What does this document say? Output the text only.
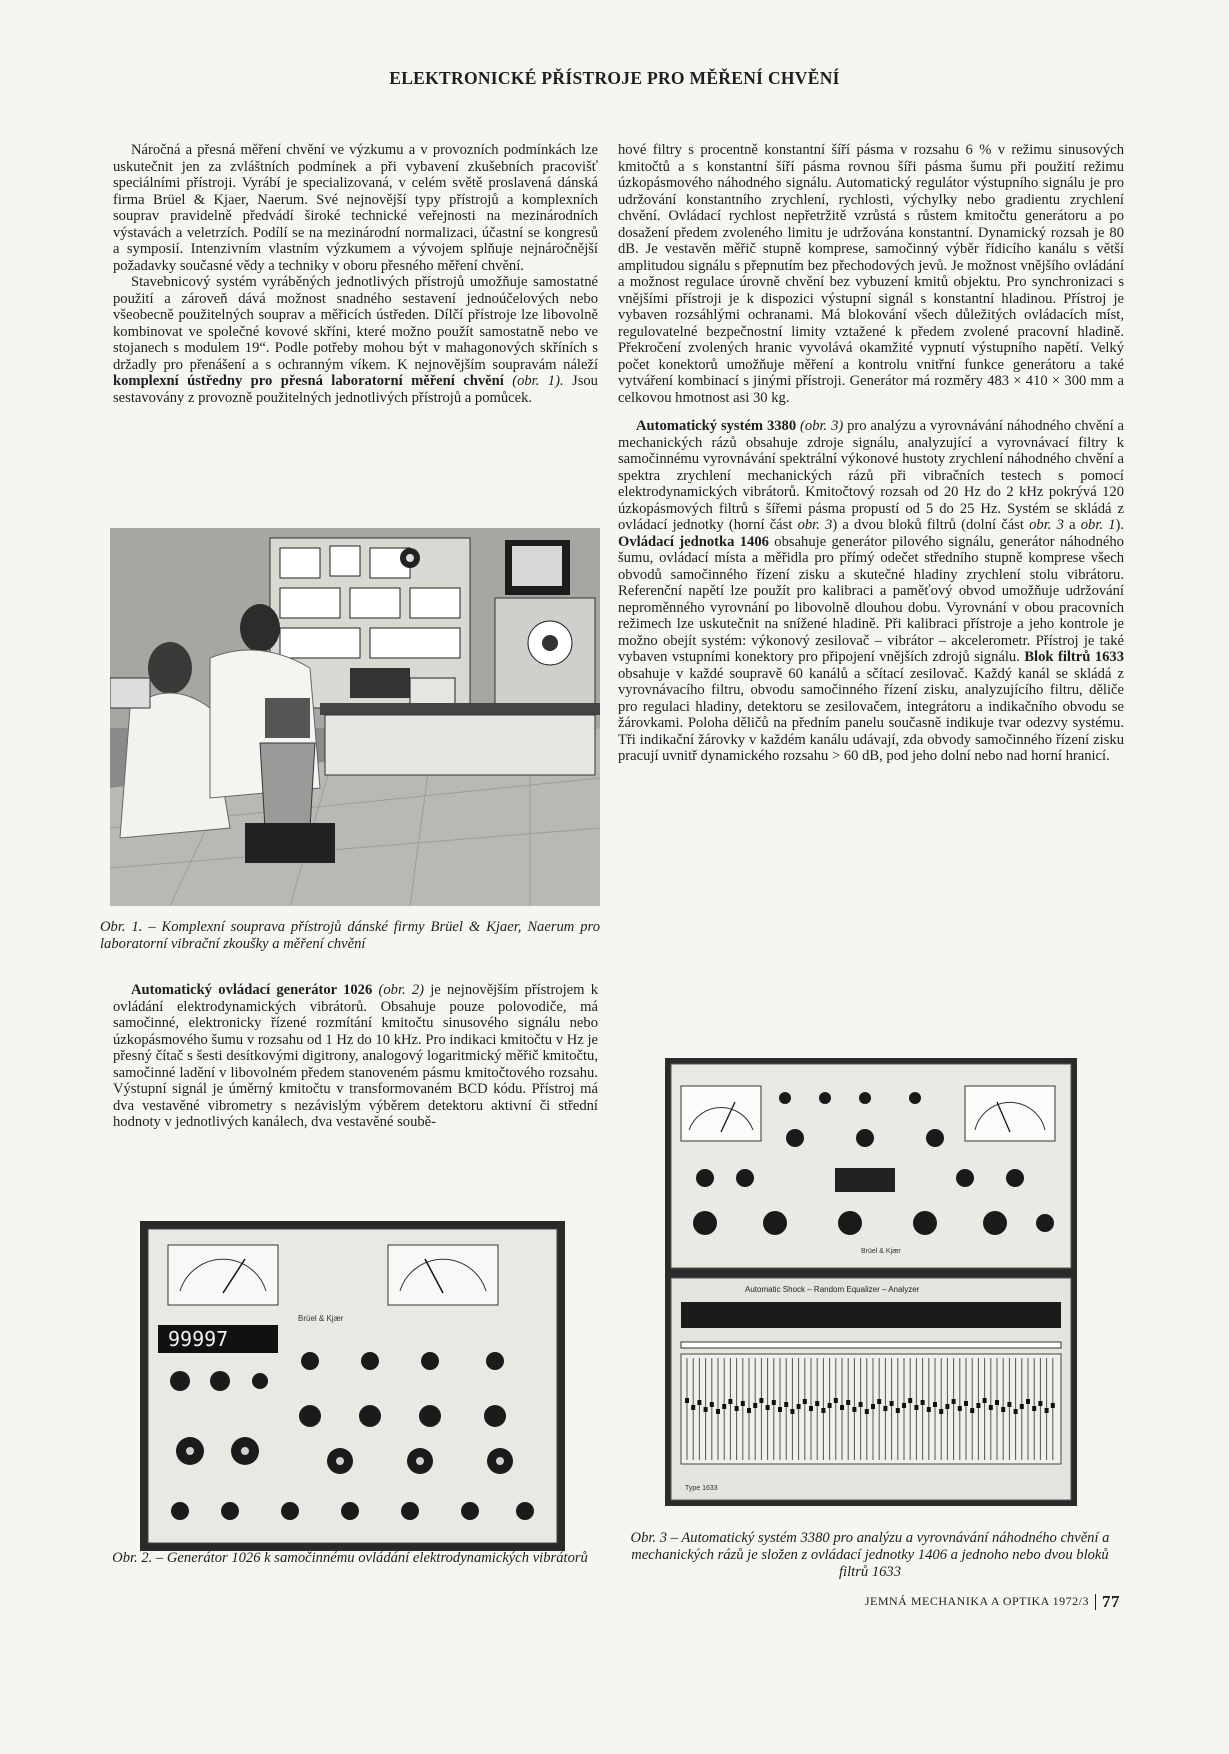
ELEKTRONICKÉ PŘÍSTROJE PRO MĚŘENÍ CHVĚNÍ

Náročná a přesná měření chvění ve výzkumu a v provozních podmínkách lze uskutečnit jen za zvláštních podmínek a při vybavení zkušebních pracovišť speciálními přístroji. Vyrábí je specializovaná, v celém světě proslavená dánská firma Brüel & Kjaer, Naerum. Své nejnovější typy přístrojů a komplexních souprav pravidelně předvádí široké technické veřejnosti na mezinárodních výstavách a veletrzích. Podílí se na mezinárodní normalizaci, účastní se kongresů a symposií. Intenzivním vlastním výzkumem a vývojem splňuje nejnáročnější požadavky současné vědy a techniky v oboru přesného měření chvění.

Stavebnicový systém vyráběných jednotlivých přístrojů umožňuje samostatné použití a zároveň dává možnost snadného sestavení jednoúčelových nebo všeobecně použitelných souprav a měřicích ústředen. Dílčí přístroje lze libovolně kombinovat ve společné kovové skříni, které možno použít samostatně nebo ve stojanech s modulem 19“. Podle potřeby mohou být v mahagonových skříních s držadly pro přenášení a s ochranným víkem. K nejnovějším soupravám náleží komplexní ústředny pro přesná laboratorní měření chvění (obr. 1). Jsou sestavovány z provozně použitelných jednotlivých přístrojů a pomůcek.

Obr. 1. – Komplexní souprava přístrojů dánské firmy Brüel & Kjaer, Naerum pro laboratorní vibrační zkoušky a měření chvění

Automatický ovládací generátor 1026 (obr. 2) je nejnovějším přístrojem k ovládání elektrodynamických vibrátorů. Obsahuje pouze polovodiče, má samočinné, elektronicky řízené rozmítání kmitočtu sinusového signálu nebo úzkopásmového šumu v rozsahu od 1 Hz do 10 kHz. Pro indikaci kmitočtu v Hz je přesný čítač s šesti desítkovými digitrony, analogový logaritmický měřič kmitočtu, samočinné ladění v libovolném předem stanoveném pásmu kmitočtového rozsahu. Výstupní signál je úměrný kmitočtu v transformovaném BCD kódu. Přístroj má dva vestavěné vibrometry s nezávislým výběrem detektoru aktivní či střední hodnoty v jednotlivých kanálech, dva vestavěné soubě-

99997
Brüel & Kjær
Obr. 2. – Generátor 1026 k samočinnému ovládání elektrodynamických vibrátorů

hové filtry s procentně konstantní šíří pásma v rozsahu 6 % v režimu sinusových kmitočtů a s konstantní šíří pásma rovnou šíři pásma šumu při použití režimu úzkopásmového náhodného signálu. Automatický regulátor výstupního signálu je pro udržování konstantního zrychlení, rychlosti, výchylky nebo gradientu zrychlení chvění. Ovládací rychlost nepřetržitě vzrůstá s růstem kmitočtu generátoru a po dosažení předem zvoleného limitu je udržována konstantní. Dynamický rozsah je 80 dB. Je vestavěn měřič stupně komprese, samočinný výběr řídicího kanálu s větší amplitudou signálu s přepnutím bez přechodových jevů. Je možnost vnějšího ovládání a možnost regulace úrovně chvění bez vybuzení kmitů objektu. Pro synchronizaci s vnějšími přístroji je k dispozici výstupní signál s konstantní hladinou. Přístroj je vybaven rozsáhlými ochranami. Má blokování všech důležitých ovládacích míst, regulovatelné bezpečnostní limity vztažené k předem zvolené pracovní hladině. Překročení zvolených hranic vyvolává okamžité vypnutí výstupního napětí. Velký počet konektorů umožňuje měření a kontrolu vnitřní funkce generátoru a také vytváření kombinací s jinými přístroji. Generátor má rozměry 483 × 410 × 300 mm a celkovou hmotnost asi 30 kg.

Automatický systém 3380 (obr. 3) pro analýzu a vyrovnávání náhodného chvění a mechanických rázů obsahuje zdroje signálu, analyzující a vyrovnávací filtry k samočinnému vyrovnávání spektrální výkonové hustoty zrychlení náhodného chvění a spektra zrychlení mechanických rázů při vibračních testech s pomocí elektrodynamických vibrátorů. Kmitočtový rozsah od 20 Hz do 2 kHz pokrývá 120 úzkopásmových filtrů s šířemi pásma propustí od 5 do 25 Hz. Systém se skládá z ovládací jednotky (horní část obr. 3) a dvou bloků filtrů (dolní část obr. 3 a obr. 1). Ovládací jednotka 1406 obsahuje generátor pilového signálu, generátor náhodného šumu, ovládací místa a měřidla pro přímý odečet středního stupně komprese všech obvodů samočinného řízení zisku a skutečné hladiny zrychlení stolu vibrátoru. Referenční napětí lze použít pro kalibraci a paměťový obvod umožňuje udržování neproměnného vyrovnání po libovolně dlouhou dobu. Vyrovnání v obou pracovních režimech lze uskutečnit na snížené hladině. Při kalibraci přístroje a jeho kontrole je možno obejít systém: výkonový zesilovač – vibrátor – akcelerometr. Přístroj je také vybaven vstupními konektory pro připojení vnějších zdrojů signálu. Blok filtrů 1633 obsahuje v každé soupravě 60 kanálů a sčítací zesilovač. Každý kanál se skládá z vyrovnávacího filtru, obvodu samočinného řízení zisku, analyzujícího filtru, děliče pro regulaci hladiny, detektoru se zesilovačem, integrátoru a indikačního obvodu se žárovkami. Poloha děličů na předním panelu současně indikuje tvar odezvy systému. Tři indikační žárovky v každém kanálu udávají, zda obvody samočinného řízení zisku pracují uvnitř dynamického rozsahu > 60 dB, pod jeho dolní nebo nad horní hranicí.

Brüel & Kjær
Automatic Shock – Random Equalizer – Analyzer
Type 1633
Obr. 3 – Automatický systém 3380 pro analýzu a vyrovnávání náhodného chvění a mechanických rázů je složen z ovládací jednotky 1406 a jednoho nebo dvou bloků filtrů 1633
JEMNÁ MECHANIKA A OPTIKA 1972/3 77
